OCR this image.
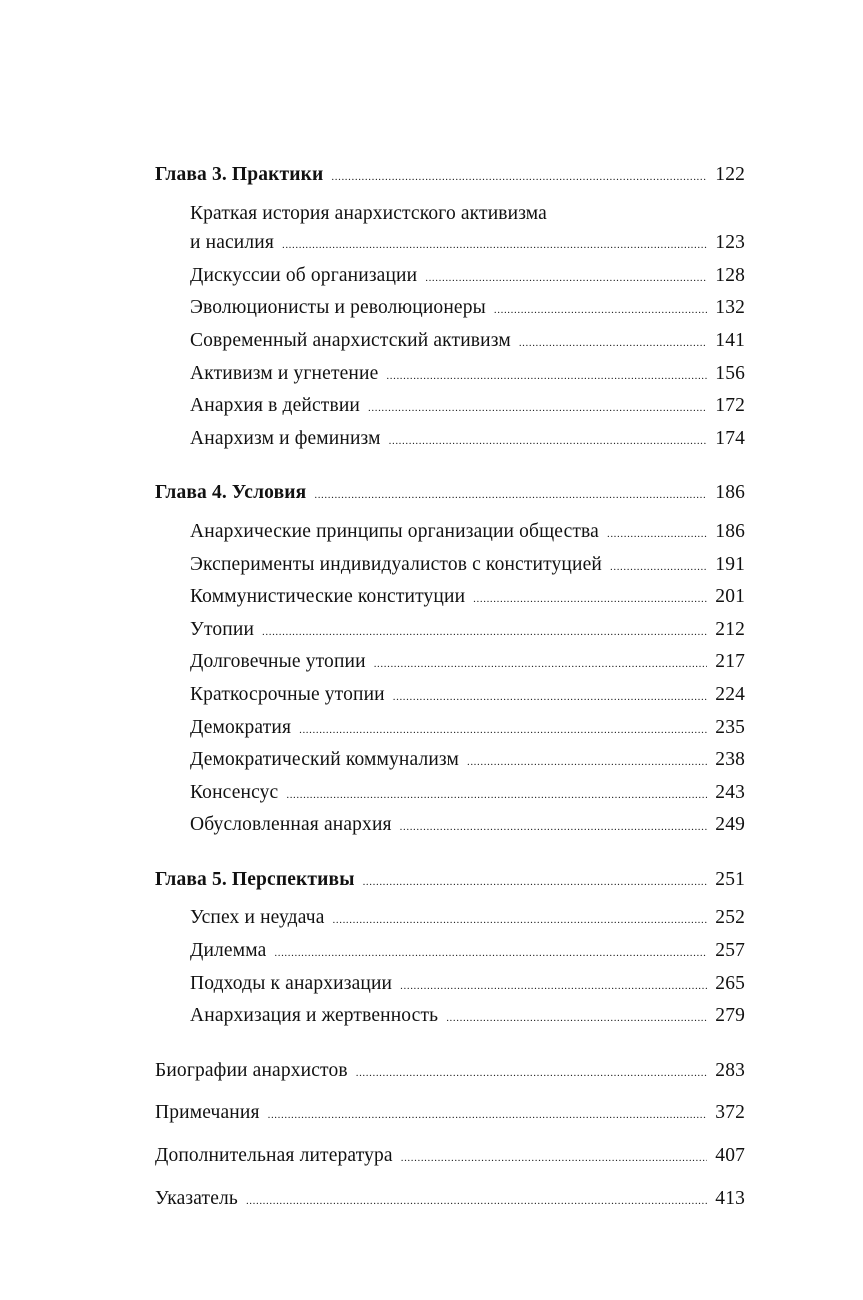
Глава 3. Практики .....	122
Краткая история анархистского активизма
и насилия .....	123
Дискуссии об организации .....	128
Эволюционисты и революционеры .....	132
Современный анархистский активизм .....	141
Активизм и угнетение .....	156
Анархия в действии .....	172
Анархизм и феминизм .....	174
Глава 4. Условия .....	186
Анархические принципы организации общества .....	186
Эксперименты индивидуалистов с конституцией .....	191
Коммунистические конституции .....	201
Утопии .....	212
Долговечные утопии .....	217
Краткосрочные утопии .....	224
Демократия .....	235
Демократический коммунализм .....	238
Консенсус .....	243
Обусловленная анархия .....	249
Глава 5. Перспективы .....	251
Успех и неудача .....	252
Дилемма .....	257
Подходы к анархизации .....	265
Анархизация и жертвенность .....	279
Биографии анархистов .....	283
Примечания .....	372
Дополнительная литература .....	407
Указатель .....	413
